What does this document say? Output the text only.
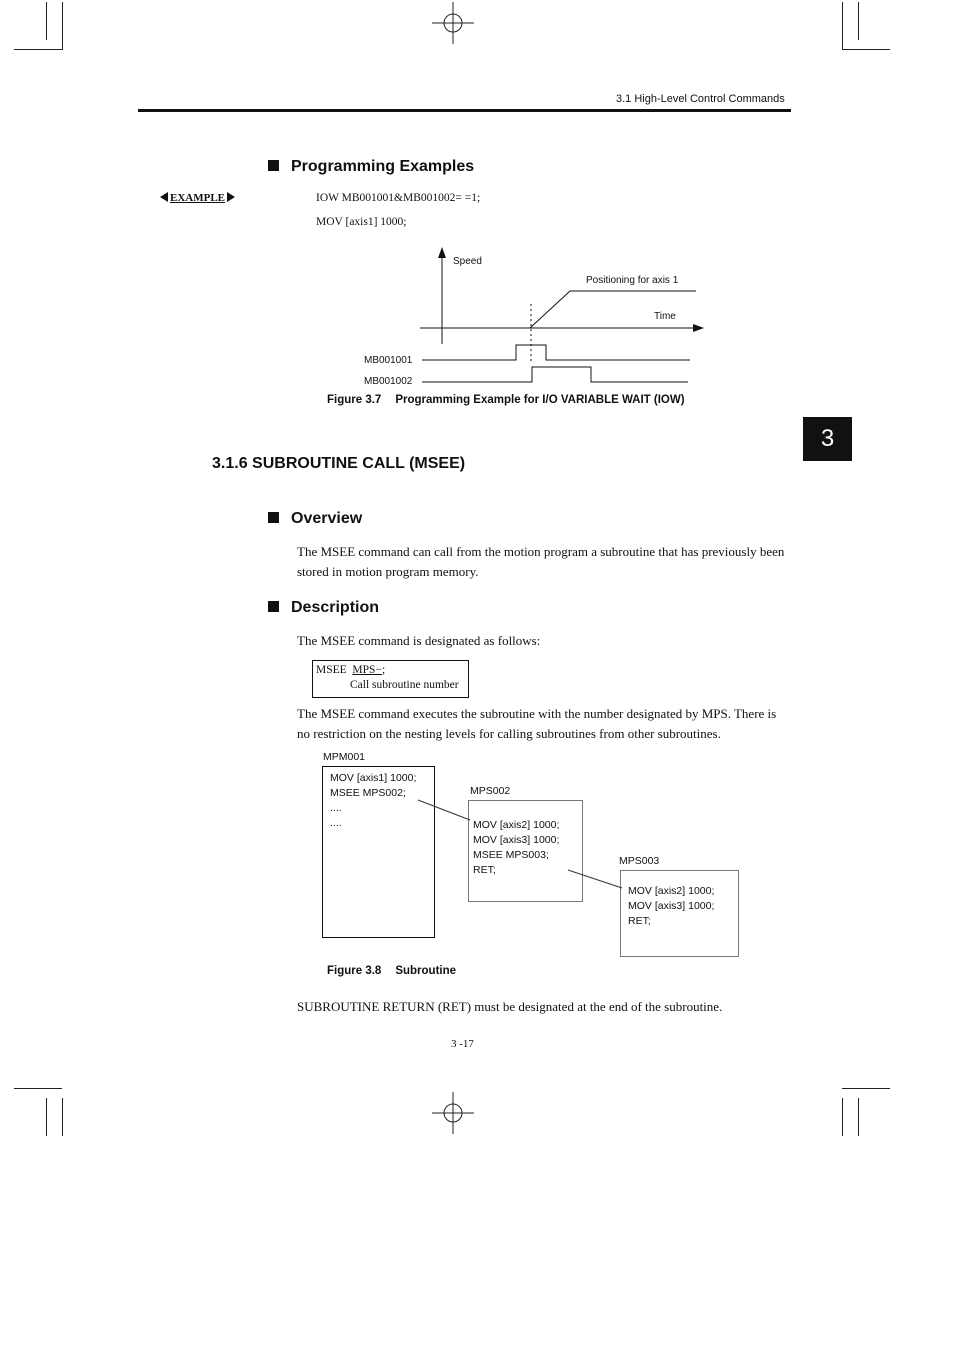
3.1 High-Level Control Commands
3
Programming Examples
EXAMPLE	IOW MB001001&MB001002= =1;
MOV [axis1] 1000;
Speed
Positioning for axis 1
Time
MB001001
MB001002
Figure 3.7 Programming Example for I/O VARIABLE WAIT (IOW)
3.1.6 SUBROUTINE CALL (MSEE)
Overview
The MSEE command can call from the motion program a subroutine that has previously been stored in motion program memory.
Description
The MSEE command is designated as follows:
MSEE MPS−;
Call subroutine number
The MSEE command executes the subroutine with the number designated by MPS. There is no restriction on the nesting levels for calling subroutines from other subroutines.
MPM001
MOV [axis1] 1000;
MSEE MPS002;
....
....
MPS002
MOV [axis2] 1000;
MOV [axis3] 1000;
MSEE MPS003;
RET;
MPS003
MOV [axis2] 1000;
MOV [axis3] 1000;
RET;
Figure 3.8 Subroutine
SUBROUTINE RETURN (RET) must be designated at the end of the subroutine.
3 -17
